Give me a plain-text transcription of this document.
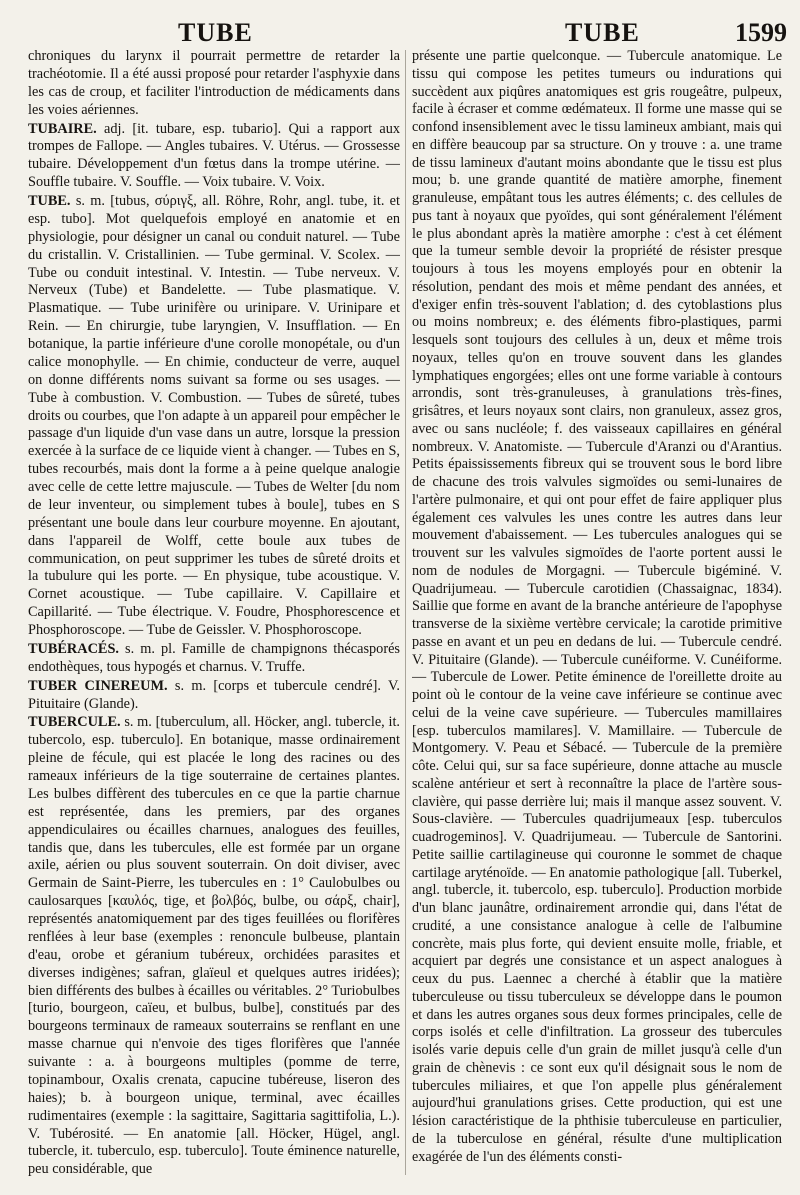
TUBE	TUBE	1599

chroniques du larynx il pourrait permettre de retarder la trachéotomie. Il a été aussi proposé pour retarder l'asphyxie dans les cas de croup, et faciliter l'introduction de médicaments dans les voies aériennes.

TUBAIRE. adj. [it. tubare, esp. tubario]. Qui a rapport aux trompes de Fallope. — Angles tubaires. V. Utérus. — Grossesse tubaire. Développement d'un fœtus dans la trompe utérine. — Souffle tubaire. V. Souffle. — Voix tubaire. V. Voix.

TUBE. s. m. [tubus, σύριγξ, all. Röhre, Rohr, angl. tube, it. et esp. tubo]. Mot quelquefois employé en anatomie et en physiologie, pour désigner un canal ou conduit naturel. — Tube du cristallin. V. Cristallinien. — Tube germinal. V. Scolex. — Tube ou conduit intestinal. V. Intestin. — Tube nerveux. V. Nerveux (Tube) et Bandelette. — Tube plasmatique. V. Plasmatique. — Tube urinifère ou urinipare. V. Urinipare et Rein. — En chirurgie, tube laryngien, V. Insufflation. — En botanique, la partie inférieure d'une corolle monopétale, ou d'un calice monophylle. — En chimie, conducteur de verre, auquel on donne différents noms suivant sa forme ou ses usages. — Tube à combustion. V. Combustion. — Tubes de sûreté, tubes droits ou courbes, que l'on adapte à un appareil pour empêcher le passage d'un liquide d'un vase dans un autre, lorsque la pression exercée à la surface de ce liquide vient à changer. — Tubes en S, tubes recourbés, mais dont la forme a à peine quelque analogie avec celle de cette lettre majuscule. — Tubes de Welter [du nom de leur inventeur, ou simplement tubes à boule], tubes en S présentant une boule dans leur courbure moyenne. En ajoutant, dans l'appareil de Wolff, cette boule aux tubes de communication, on peut supprimer les tubes de sûreté droits et la tubulure qui les porte. — En physique, tube acoustique. V. Cornet acoustique. — Tube capillaire. V. Capillaire et Capillarité. — Tube électrique. V. Foudre, Phosphorescence et Phosphoroscope. — Tube de Geissler. V. Phosphoroscope.

TUBÉRACÉS. s. m. pl. Famille de champignons thécasporés endothèques, tous hypogés et charnus. V. Truffe.

TUBER CINEREUM. s. m. [corps et tubercule cendré]. V. Pituitaire (Glande).

TUBERCULE. s. m. [tuberculum, all. Höcker, angl. tubercle, it. tubercolo, esp. tuberculo]. En botanique, masse ordinairement pleine de fécule, qui est placée le long des racines ou des rameaux inférieurs de la tige souterraine de certaines plantes. Les bulbes diffèrent des tubercules en ce que la partie charnue est représentée, dans les premiers, par des organes appendiculaires ou écailles charnues, analogues des feuilles, tandis que, dans les tubercules, elle est formée par un organe axile, aérien ou plus souvent souterrain. On doit diviser, avec Germain de Saint-Pierre, les tubercules en : 1° Caulobulbes ou caulosarques [καυλός, tige, et βολβός, bulbe, ou σάρξ, chair], représentés anatomiquement par des tiges feuillées ou florifères renflées à leur base (exemples : renoncule bulbeuse, plantain d'eau, orobe et géranium tubéreux, orchidées parasites et diverses indigènes; safran, glaïeul et quelques autres iridées); bien différents des bulbes à écailles ou véritables. 2° Turiobulbes [turio, bourgeon, caïeu, et bulbus, bulbe], constitués par des bourgeons terminaux de rameaux souterrains se renflant en une masse charnue qui n'envoie des tiges florifères que l'année suivante : a. à bourgeons multiples (pomme de terre, topinambour, Oxalis crenata, capucine tubéreuse, liseron des haies); b. à bourgeon unique, terminal, avec écailles rudimentaires (exemple : la sagittaire, Sagittaria sagittifolia, L.). V. Tubérosité. — En anatomie [all. Höcker, Hügel, angl. tubercle, it. tuberculo, esp. tuberculo]. Toute éminence naturelle, peu considérable, que

présente une partie quelconque. — Tubercule anatomique. Le tissu qui compose les petites tumeurs ou indurations qui succèdent aux piqûres anatomiques est gris rougeâtre, pulpeux, facile à écraser et comme œdémateux. Il forme une masse qui se confond insensiblement avec le tissu lamineux ambiant, mais qui en diffère beaucoup par sa structure. On y trouve : a. une trame de tissu lamineux d'autant moins abondante que le tissu est plus mou; b. une grande quantité de matière amorphe, finement granuleuse, empâtant tous les autres éléments; c. des cellules de pus tant à noyaux que pyoïdes, qui sont généralement l'élément le plus abondant après la matière amorphe : c'est à cet élément que la tumeur semble devoir la propriété de résister presque toujours à tous les moyens employés pour en obtenir la résolution, pendant des mois et même pendant des années, et d'exiger enfin très-souvent l'ablation; d. des cytoblastions plus ou moins nombreux; e. des éléments fibro-plastiques, parmi lesquels sont toujours des cellules à un, deux et même trois noyaux, telles qu'on en trouve souvent dans les glandes lymphatiques engorgées; elles ont une forme variable à contours arrondis, sont très-granuleuses, à granulations très-fines, grisâtres, et leurs noyaux sont clairs, non granuleux, assez gros, avec ou sans nucléole; f. des vaisseaux capillaires en général nombreux. V. Anatomiste. — Tubercule d'Aranzi ou d'Arantius. Petits épaississements fibreux qui se trouvent sous le bord libre de chacune des trois valvules sigmoïdes ou semi-lunaires de l'artère pulmonaire, et qui ont pour effet de faire appliquer plus également ces valvules les unes contre les autres dans leur mouvement d'abaissement. — Les tubercules analogues qui se trouvent sur les valvules sigmoïdes de l'aorte portent aussi le nom de nodules de Morgagni. — Tubercule bigéminé. V. Quadrijumeau. — Tubercule carotidien (Chassaignac, 1834). Saillie que forme en avant de la branche antérieure de l'apophyse transverse de la sixième vertèbre cervicale; la carotide primitive passe en avant et un peu en dedans de lui. — Tubercule cendré. V. Pituitaire (Glande). — Tubercule cunéiforme. V. Cunéiforme. — Tubercule de Lower. Petite éminence de l'oreillette droite au point où le contour de la veine cave inférieure se continue avec celui de la veine cave supérieure. — Tubercules mamillaires [esp. tuberculos mamilares]. V. Mamillaire. — Tubercule de Montgomery. V. Peau et Sébacé. — Tubercule de la première côte. Celui qui, sur sa face supérieure, donne attache au muscle scalène antérieur et sert à reconnaître la place de l'artère sous-clavière, qui passe derrière lui; mais il manque assez souvent. V. Sous-clavière. — Tubercules quadrijumeaux [esp. tuberculos cuadrogeminos]. V. Quadrijumeau. — Tubercule de Santorini. Petite saillie cartilagineuse qui couronne le sommet de chaque cartilage aryténoïde. — En anatomie pathologique [all. Tuberkel, angl. tubercle, it. tubercolo, esp. tuberculo]. Production morbide d'un blanc jaunâtre, ordinairement arrondie qui, dans l'état de crudité, a une consistance analogue à celle de l'albumine concrète, mais plus forte, qui devient ensuite molle, friable, et acquiert par degrés une consistance et un aspect analogues à ceux du pus. Laennec a cherché à établir que la matière tuberculeuse ou tissu tuberculeux se développe dans le poumon et dans les autres organes sous deux formes principales, celle de corps isolés et celle d'infiltration. La grosseur des tubercules isolés varie depuis celle d'un grain de millet jusqu'à celle d'un grain de chènevis : ce sont eux qu'il désignait sous le nom de tubercules miliaires, et que l'on appelle plus généralement aujourd'hui granulations grises. Cette production, qui est une lésion caractéristique de la phthisie tuberculeuse en particulier, de la tuberculose en général, résulte d'une multiplication exagérée de l'un des éléments consti-
